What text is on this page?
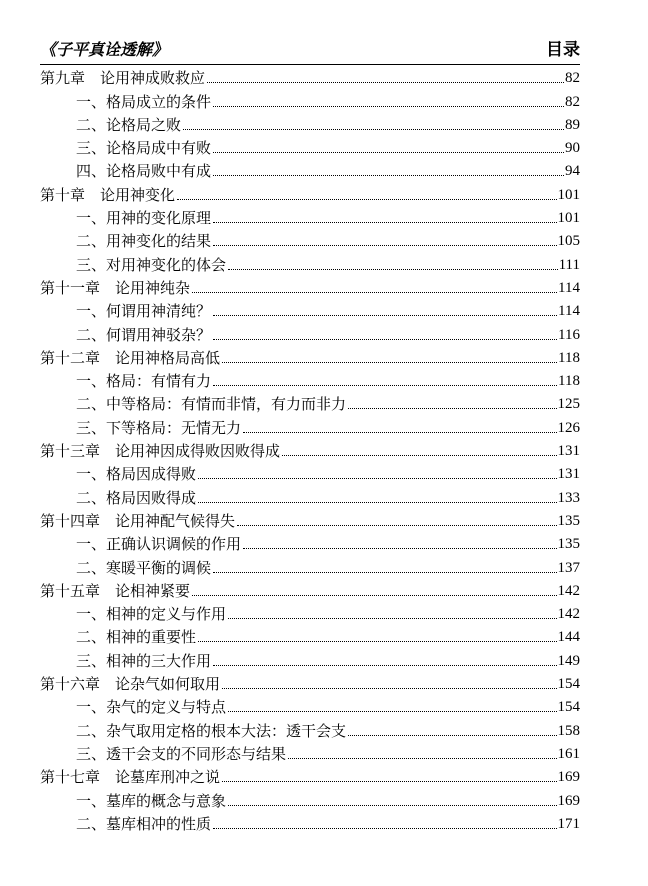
《子平真诠透解》	目录
第九章　论用神成败救应	82
一、格局成立的条件	82
二、论格局之败	89
三、论格局成中有败	90
四、论格局败中有成	94
第十章　论用神变化	101
一、用神的变化原理	101
二、用神变化的结果	105
三、对用神变化的体会	111
第十一章　论用神纯杂	114
一、何谓用神清纯？	114
二、何谓用神驳杂？	116
第十二章　论用神格局高低	118
一、格局：有情有力	118
二、中等格局：有情而非情，有力而非力	125
三、下等格局：无情无力	126
第十三章　论用神因成得败因败得成	131
一、格局因成得败	131
二、格局因败得成	133
第十四章　论用神配气候得失	135
一、正确认识调候的作用	135
二、寒暖平衡的调候	137
第十五章　论相神紧要	142
一、相神的定义与作用	142
二、相神的重要性	144
三、相神的三大作用	149
第十六章　论杂气如何取用	154
一、杂气的定义与特点	154
二、杂气取用定格的根本大法：透干会支	158
三、透干会支的不同形态与结果	161
第十七章　论墓库刑冲之说	169
一、墓库的概念与意象	169
二、墓库相冲的性质	171
